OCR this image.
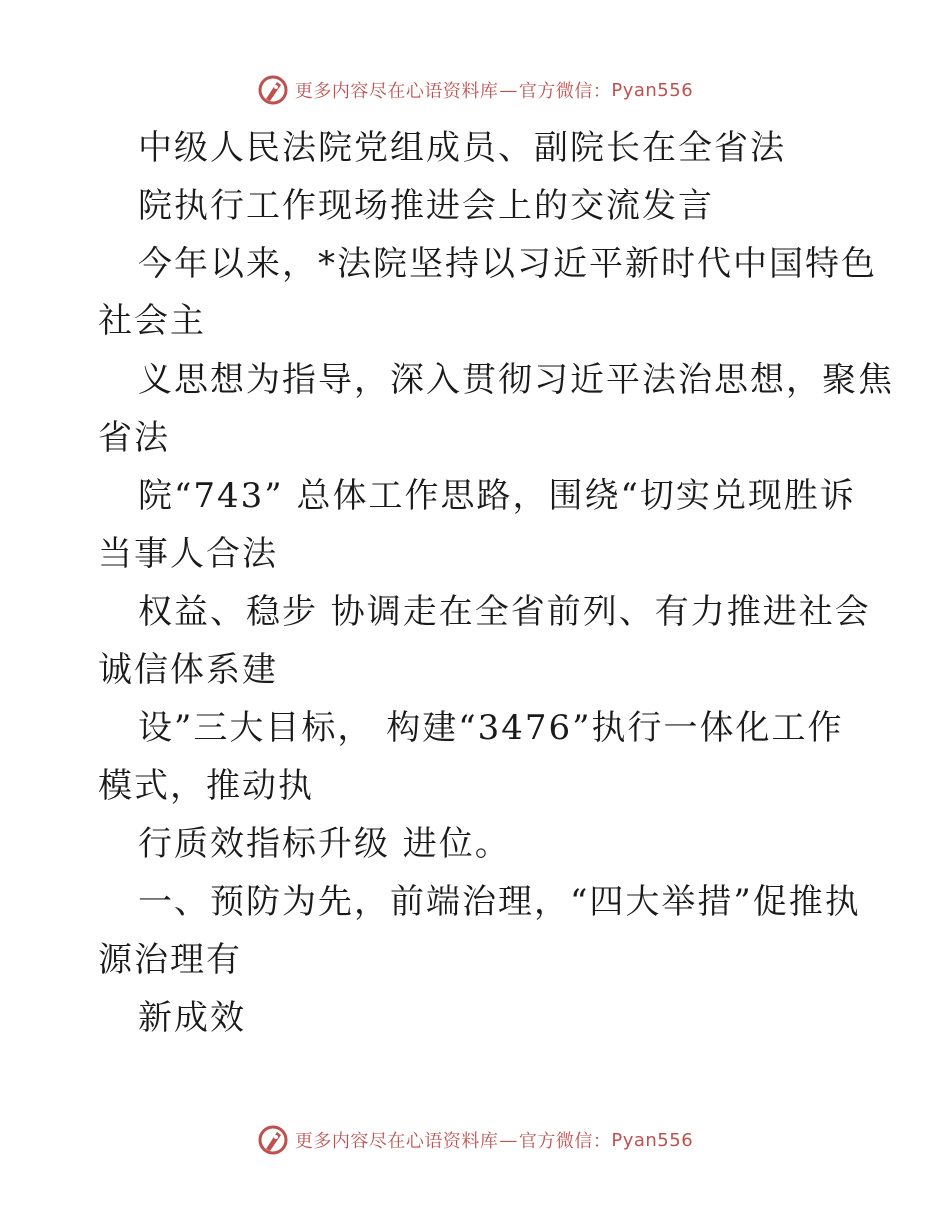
更多内容尽在心语资料库 — 官方微信： Pyan556
中级人民法院党组成员、副院长在全省法
院执行工作现场推进会上的交流发言
今年以来，*法院坚持以习近平新时代中国特色
社会主
义思想为指导，深入贯彻习近平法治思想，聚焦
省法
院“743” 总体工作思路，围绕“切实兑现胜诉
当事人合法
权益、稳步 协调走在全省前列、有力推进社会
诚信体系建
设”三大目标， 构建“3476”执行一体化工作
模式，推动执
行质效指标升级 进位。
一、预防为先，前端治理，“四大举措”促推执
源治理有
新成效
更多内容尽在心语资料库 — 官方微信： Pyan556
